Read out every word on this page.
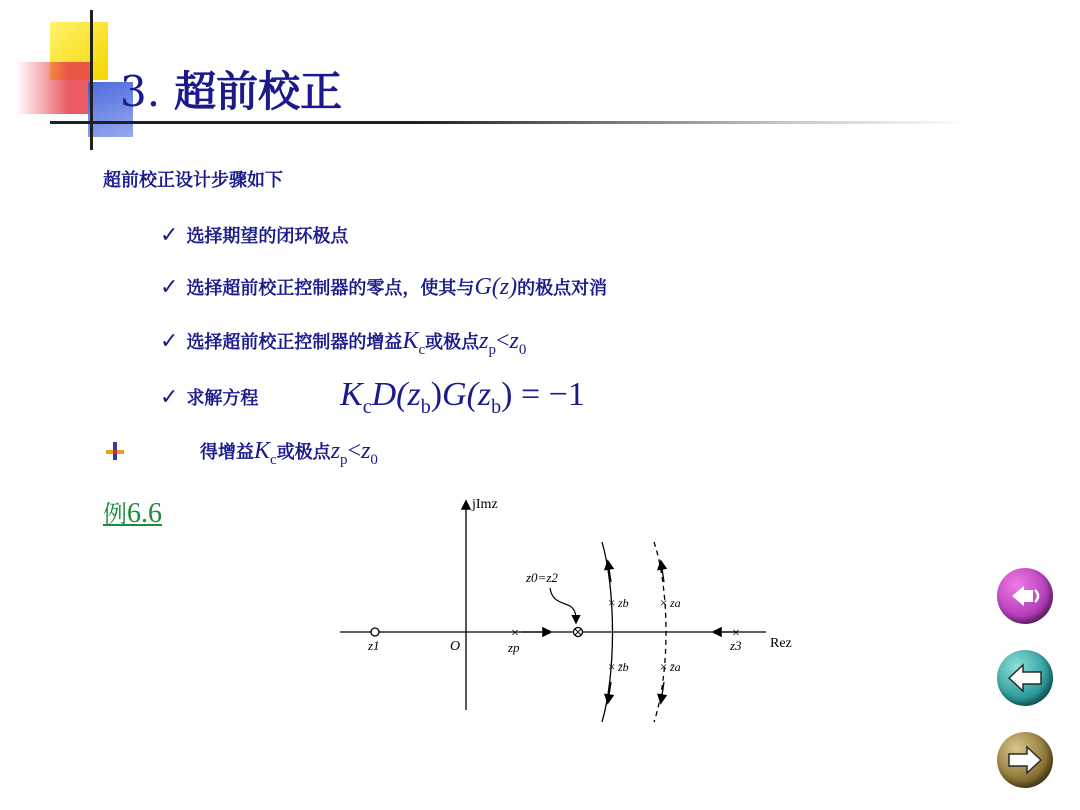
3. 超前校正
超前校正设计步骤如下
✓ 选择期望的闭环极点
✓ 选择超前校正控制器的零点，使其与G(z)的极点对消
✓ 选择超前校正控制器的增益$K_c$或极点$z_p<z_0$
✓ 求解方程 $K_cD(z_b)G(z_b) = -1$
得增益$K_c$或极点$z_p<z_0$
例6.6	jImz
Rez
O
z1
×
zp
z0=z2
× zb × za
× z̄b × z̄a
×
z3
